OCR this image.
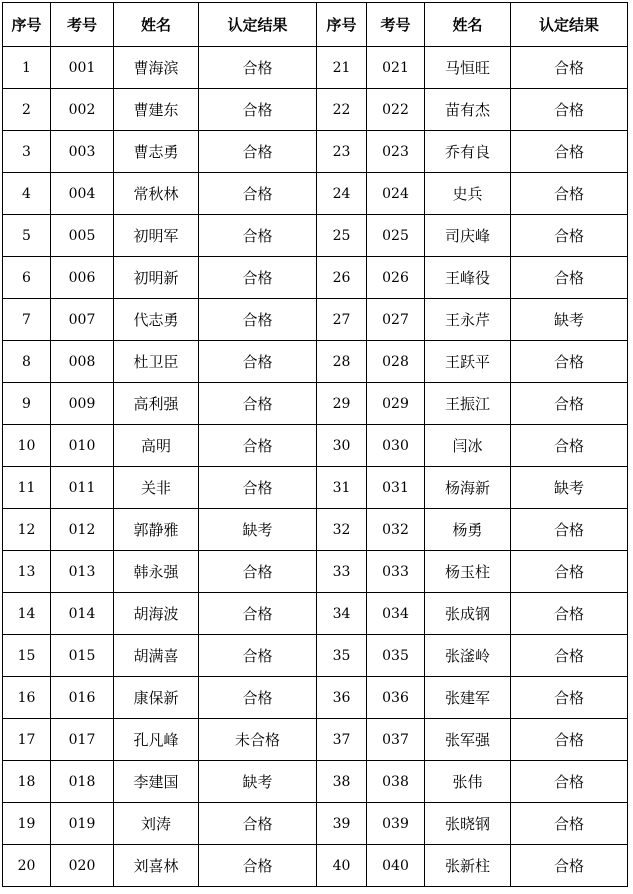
序号	考号	姓名	认定结果	序号	考号	姓名	认定结果
1	001	曹海滨	合格	21	021	马恒旺	合格
2	002	曹建东	合格	22	022	苗有杰	合格
3	003	曹志勇	合格	23	023	乔有良	合格
4	004	常秋林	合格	24	024	史兵	合格
5	005	初明军	合格	25	025	司庆峰	合格
6	006	初明新	合格	26	026	王峰役	合格
7	007	代志勇	合格	27	027	王永芹	缺考
8	008	杜卫臣	合格	28	028	王跃平	合格
9	009	高利强	合格	29	029	王振江	合格
10	010	高明	合格	30	030	闫冰	合格
11	011	关非	合格	31	031	杨海新	缺考
12	012	郭静雅	缺考	32	032	杨勇	合格
13	013	韩永强	合格	33	033	杨玉柱	合格
14	014	胡海波	合格	34	034	张成钢	合格
15	015	胡满喜	合格	35	035	张滏岭	合格
16	016	康保新	合格	36	036	张建军	合格
17	017	孔凡峰	未合格	37	037	张军强	合格
18	018	李建国	缺考	38	038	张伟	合格
19	019	刘涛	合格	39	039	张晓钢	合格
20	020	刘喜林	合格	40	040	张新柱	合格
